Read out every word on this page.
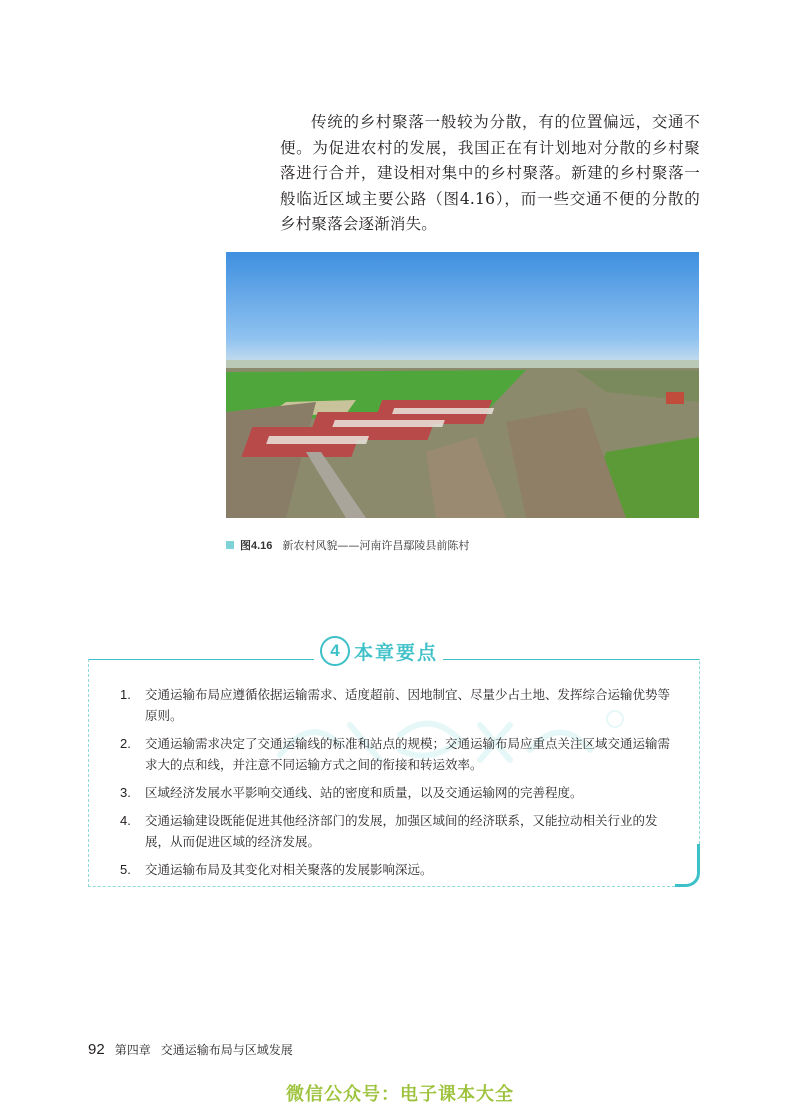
传统的乡村聚落一般较为分散，有的位置偏远，交通不便。为促进农村的发展，我国正在有计划地对分散的乡村聚落进行合并，建设相对集中的乡村聚落。新建的乡村聚落一般临近区域主要公路（图4.16），而一些交通不便的分散的乡村聚落会逐渐消失。

图4.16 新农村风貌——河南许昌鄢陵县前陈村
4 本章要点
1. 交通运输布局应遵循依据运输需求、适度超前、因地制宜、尽量少占土地、发挥综合运输优势等原则。
2. 交通运输需求决定了交通运输线的标准和站点的规模；交通运输布局应重点关注区域交通运输需求大的点和线，并注意不同运输方式之间的衔接和转运效率。
3. 区域经济发展水平影响交通线、站的密度和质量，以及交通运输网的完善程度。
4. 交通运输建设既能促进其他经济部门的发展，加强区域间的经济联系，又能拉动相关行业的发展，从而促进区域的经济发展。
5. 交通运输布局及其变化对相关聚落的发展影响深远。
92 第四章 交通运输布局与区域发展
微信公众号：电子课本大全
